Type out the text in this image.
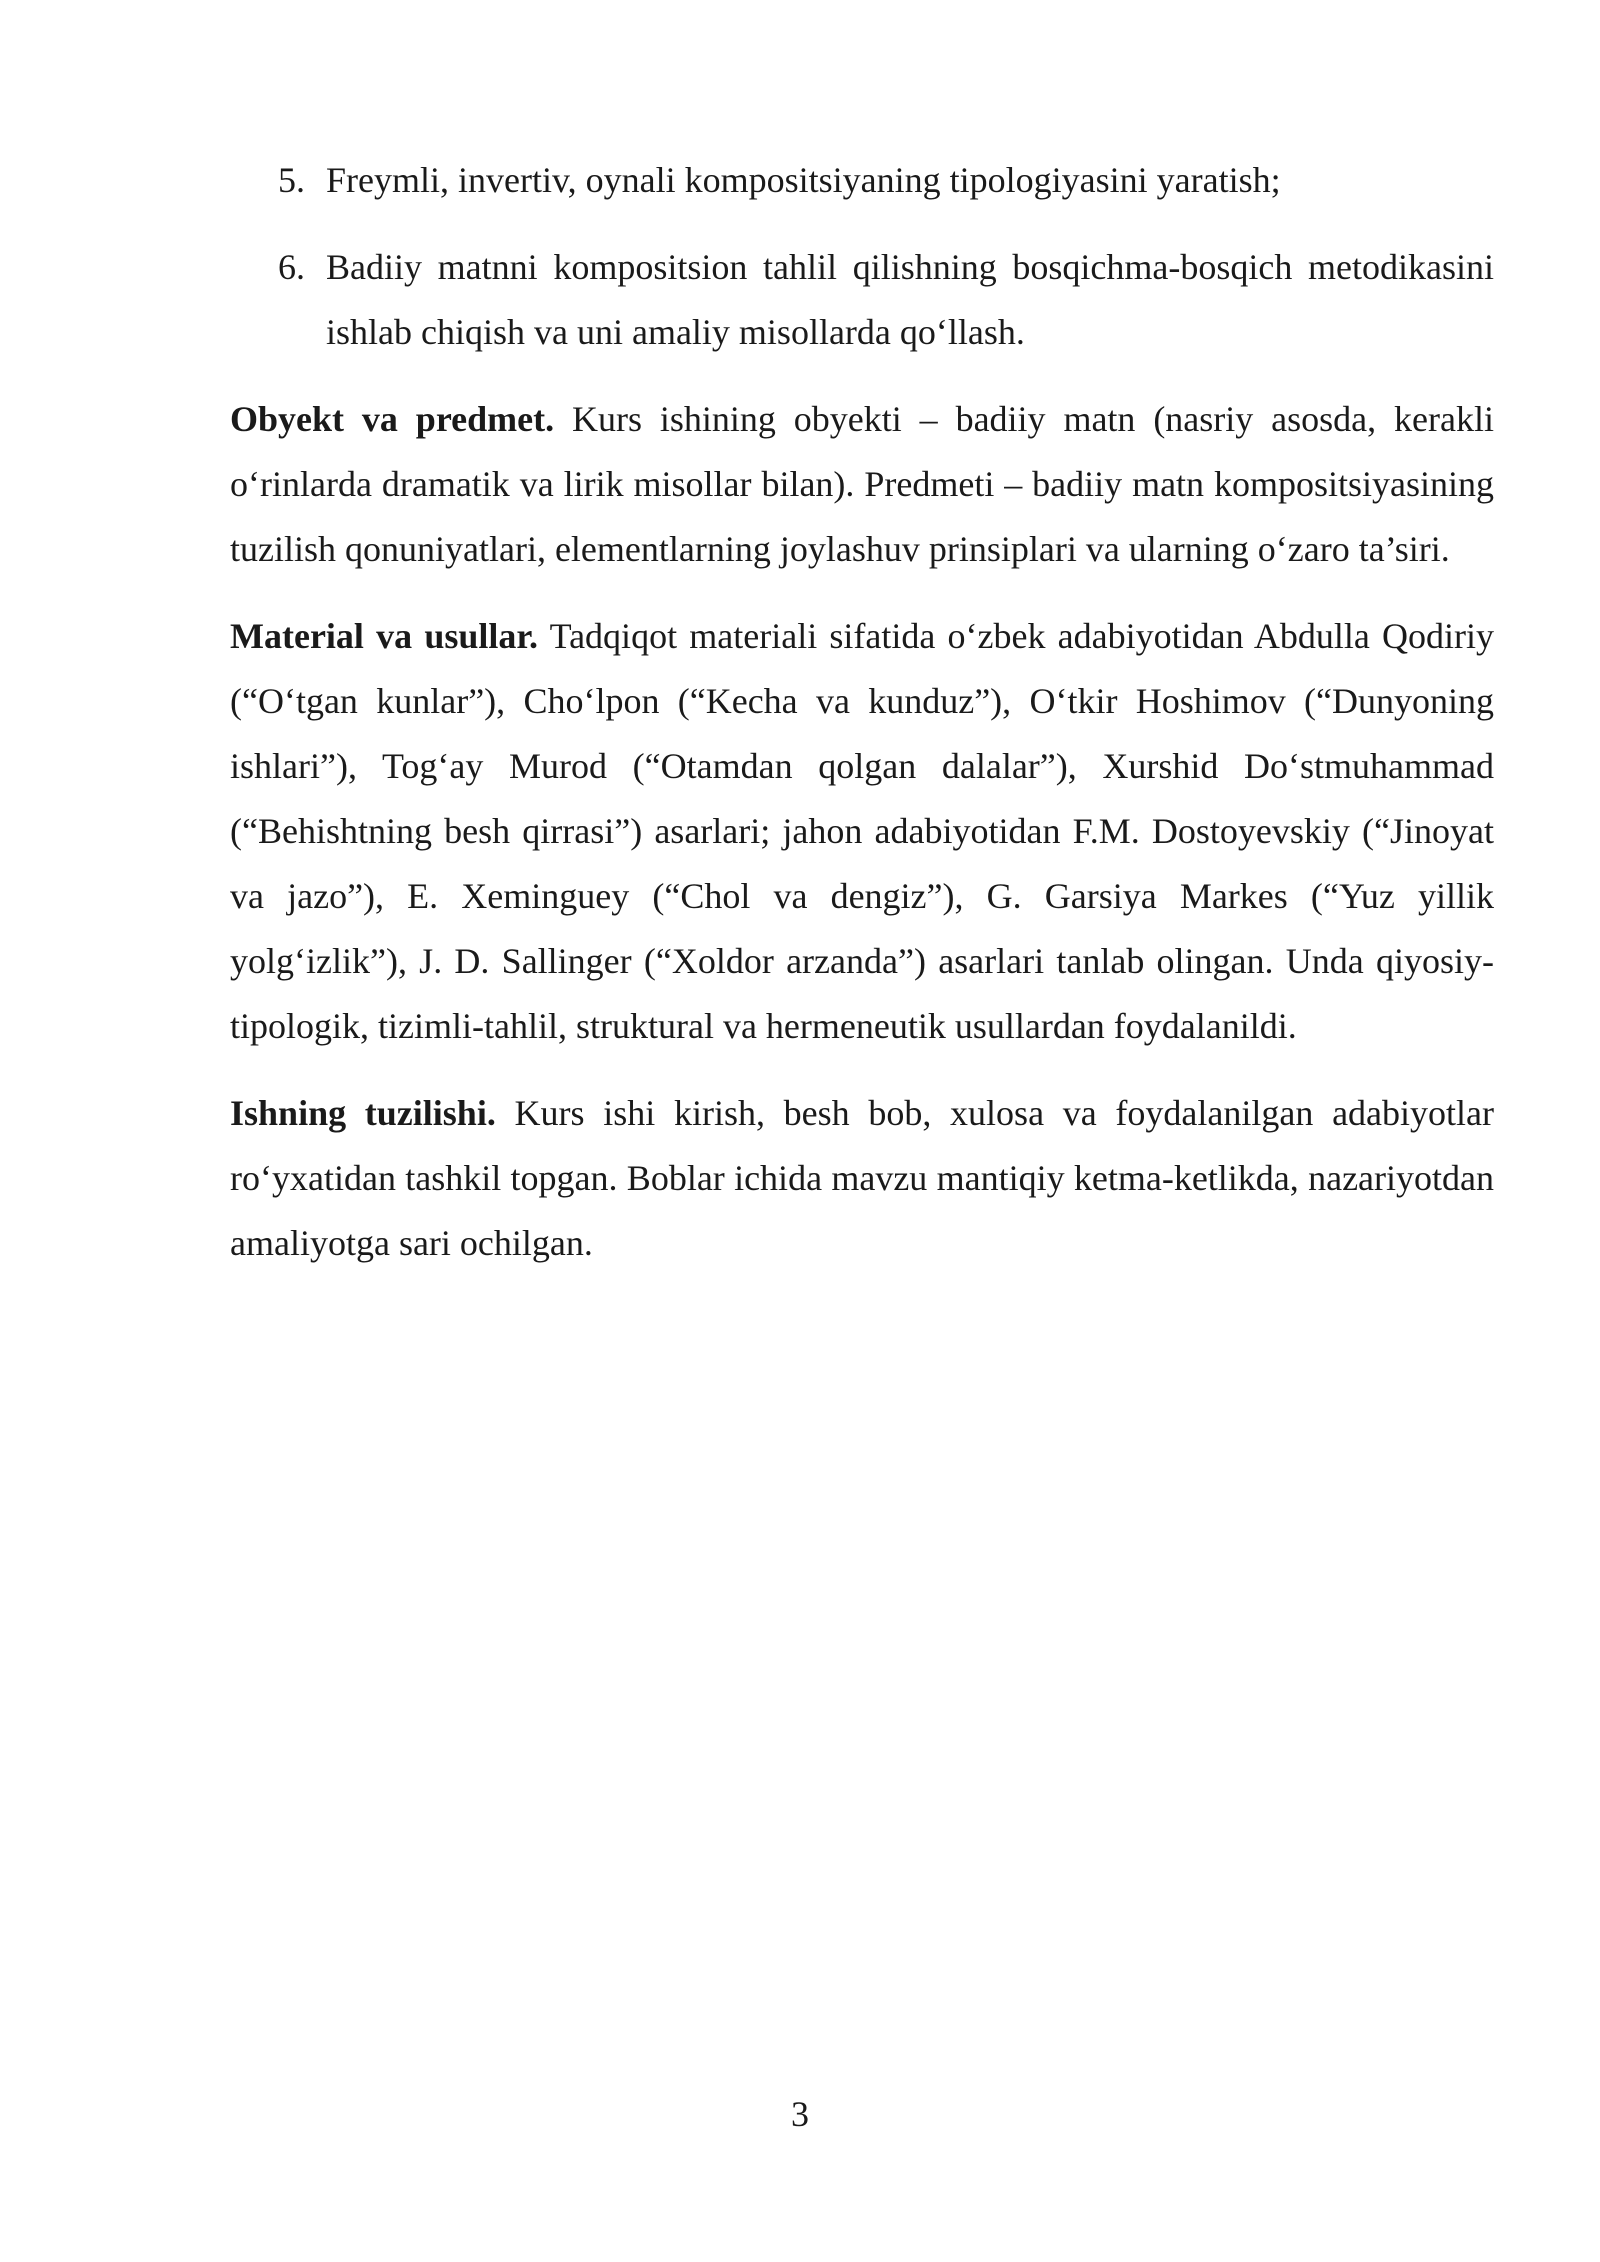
5. Freymli, invertiv, oynali kompositsiyaning tipologiyasini yaratish;
6. Badiiy matnni kompositsion tahlil qilishning bosqichma-bosqich metodikasini ishlab chiqish va uni amaliy misollarda qoʻllash.

Obyekt va predmet. Kurs ishining obyekti – badiiy matn (nasriy asosda, kerakli oʻrinlarda dramatik va lirik misollar bilan). Predmeti – badiiy matn kompositsiyasining tuzilish qonuniyatlari, elementlarning joylashuv prinsiplari va ularning oʻzaro ta’siri.

Material va usullar. Tadqiqot materiali sifatida oʻzbek adabiyotidan Abdulla Qodiriy (“Oʻtgan kunlar”), Choʻlpon (“Kecha va kunduz”), Oʻtkir Hoshimov (“Dunyoning ishlari”), Togʻay Murod (“Otamdan qolgan dalalar”), Xurshid Doʻstmuhammad (“Behishtning besh qirrasi”) asarlari; jahon adabiyotidan F.M. Dostoyevskiy (“Jinoyat va jazo”), E. Xeminguey (“Chol va dengiz”), G. Garsiya Markes (“Yuz yillik yolgʻizlik”), J. D. Sallinger (“Xoldor arzanda”) asarlari tanlab olingan. Unda qiyosiy-tipologik, tizimli-tahlil, struktural va hermeneutik usullardan foydalanildi.

Ishning tuzilishi. Kurs ishi kirish, besh bob, xulosa va foydalanilgan adabiyotlar roʻyxatidan tashkil topgan. Boblar ichida mavzu mantiqiy ketma-ketlikda, nazariyotdan amaliyotga sari ochilgan.

3
